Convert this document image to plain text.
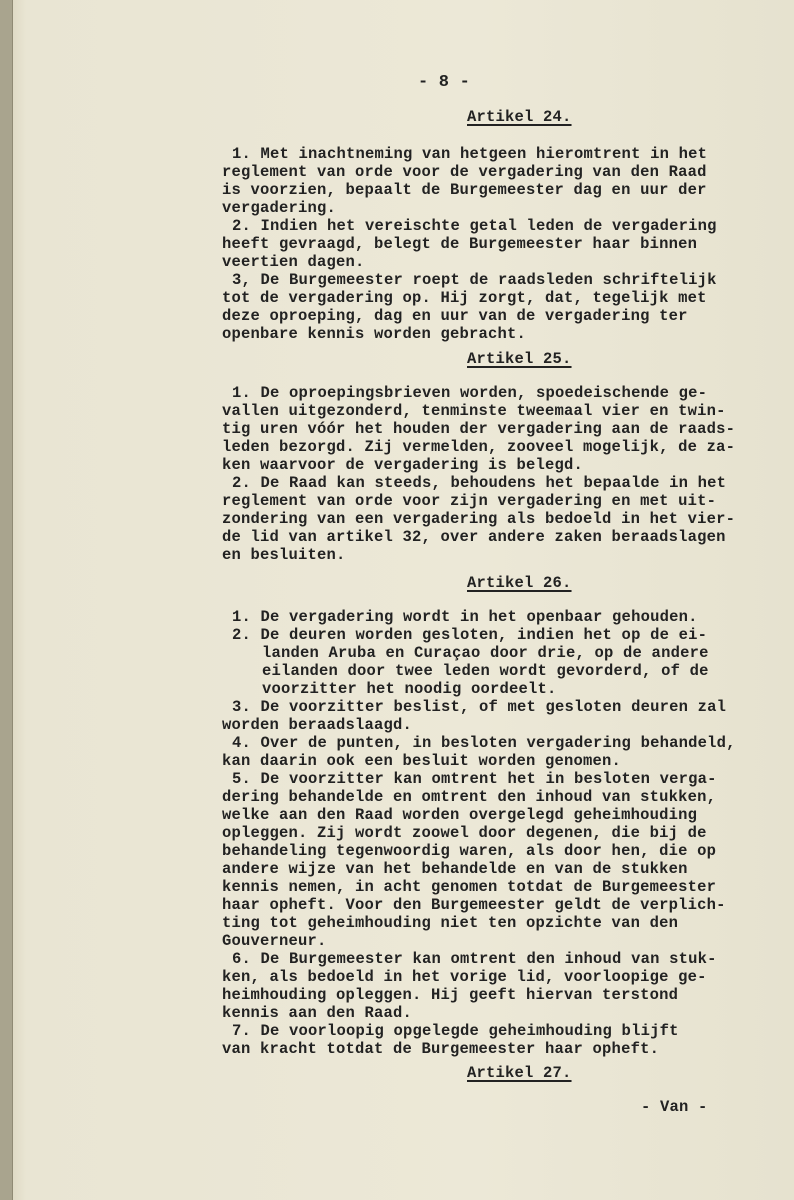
- 8 -
Artikel 24.
1. Met inachtneming van hetgeen hieromtrent in het
reglement van orde voor de vergadering van den Raad
is voorzien, bepaalt de Burgemeester dag en uur der
vergadering.
2. Indien het vereischte getal leden de vergadering
heeft gevraagd, belegt de Burgemeester haar binnen
veertien dagen.
3, De Burgemeester roept de raadsleden schriftelijk
tot de vergadering op. Hij zorgt, dat, tegelijk met
deze oproeping, dag en uur van de vergadering ter
openbare kennis worden gebracht.
Artikel 25.
1. De oproepingsbrieven worden, spoedeischende ge-
vallen uitgezonderd, tenminste tweemaal vier en twin-
tig uren vóór het houden der vergadering aan de raads-
leden bezorgd. Zij vermelden, zooveel mogelijk, de za-
ken waarvoor de vergadering is belegd.
2. De Raad kan steeds, behoudens het bepaalde in het
reglement van orde voor zijn vergadering en met uit-
zondering van een vergadering als bedoeld in het vier-
de lid van artikel 32, over andere zaken beraadslagen
en besluiten.
Artikel 26.
1. De vergadering wordt in het openbaar gehouden.
2. De deuren worden gesloten, indien het op de ei-
landen Aruba en Curaçao door drie, op de andere
eilanden door twee leden wordt gevorderd, of de
voorzitter het noodig oordeelt.
3. De voorzitter beslist, of met gesloten deuren zal
worden beraadslaagd.
4. Over de punten, in besloten vergadering behandeld,
kan daarin ook een besluit worden genomen.
5. De voorzitter kan omtrent het in besloten verga-
dering behandelde en omtrent den inhoud van stukken,
welke aan den Raad worden overgelegd geheimhouding
opleggen. Zij wordt zoowel door degenen, die bij de
behandeling tegenwoordig waren, als door hen, die op
andere wijze van het behandelde en van de stukken
kennis nemen, in acht genomen totdat de Burgemeester
haar opheft. Voor den Burgemeester geldt de verplich-
ting tot geheimhouding niet ten opzichte van den
Gouverneur.
6. De Burgemeester kan omtrent den inhoud van stuk-
ken, als bedoeld in het vorige lid, voorloopige ge-
heimhouding opleggen. Hij geeft hiervan terstond
kennis aan den Raad.
7. De voorloopig opgelegde geheimhouding blijft
van kracht totdat de Burgemeester haar opheft.
Artikel 27.
- Van -
